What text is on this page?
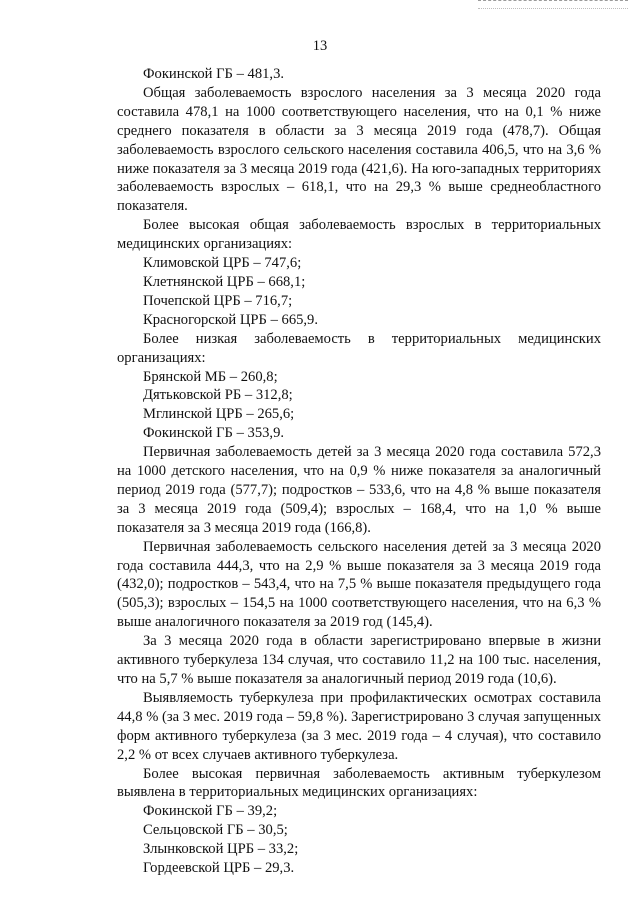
13

Фокинской ГБ – 481,3.

Общая заболеваемость взрослого населения за 3 месяца 2020 года составила 478,1 на 1000 соответствующего населения, что на 0,1 % ниже среднего показателя в области за 3 месяца 2019 года (478,7). Общая заболеваемость взрослого сельского населения составила 406,5, что на 3,6 % ниже показателя за 3 месяца 2019 года (421,6). На юго-западных территориях заболеваемость взрослых – 618,1, что на 29,3 % выше среднеобластного показателя.

Более высокая общая заболеваемость взрослых в территориальных медицинских организациях:

Климовской ЦРБ – 747,6;

Клетнянской ЦРБ – 668,1;

Почепской ЦРБ – 716,7;

Красногорской ЦРБ – 665,9.

Более низкая заболеваемость в территориальных медицинских организациях:

Брянской МБ – 260,8;

Дятьковской РБ – 312,8;

Мглинской ЦРБ – 265,6;

Фокинской ГБ – 353,9.

Первичная заболеваемость детей за 3 месяца 2020 года составила 572,3 на 1000 детского населения, что на 0,9 % ниже показателя за аналогичный период 2019 года (577,7); подростков – 533,6, что на 4,8 % выше показателя за 3 месяца 2019 года (509,4); взрослых – 168,4, что на 1,0 % выше показателя за 3 месяца 2019 года (166,8).

Первичная заболеваемость сельского населения детей за 3 месяца 2020 года составила 444,3, что на 2,9 % выше показателя за 3 месяца 2019 года (432,0); подростков – 543,4, что на 7,5 % выше показателя предыдущего года (505,3); взрослых – 154,5 на 1000 соответствующего населения, что на 6,3 % выше аналогичного показателя за 2019 год (145,4).

За 3 месяца 2020 года в области зарегистрировано впервые в жизни активного туберкулеза 134 случая, что составило 11,2 на 100 тыс. населения, что на 5,7 % выше показателя за аналогичный период 2019 года (10,6).

Выявляемость туберкулеза при профилактических осмотрах составила 44,8 % (за 3 мес. 2019 года – 59,8 %). Зарегистрировано 3 случая запущенных форм активного туберкулеза (за 3 мес. 2019 года – 4 случая), что составило 2,2 % от всех случаев активного туберкулеза.

Более высокая первичная заболеваемость активным туберкулезом выявлена в территориальных медицинских организациях:

Фокинской ГБ – 39,2;

Сельцовской ГБ – 30,5;

Злынковской ЦРБ – 33,2;

Гордеевской ЦРБ – 29,3.
